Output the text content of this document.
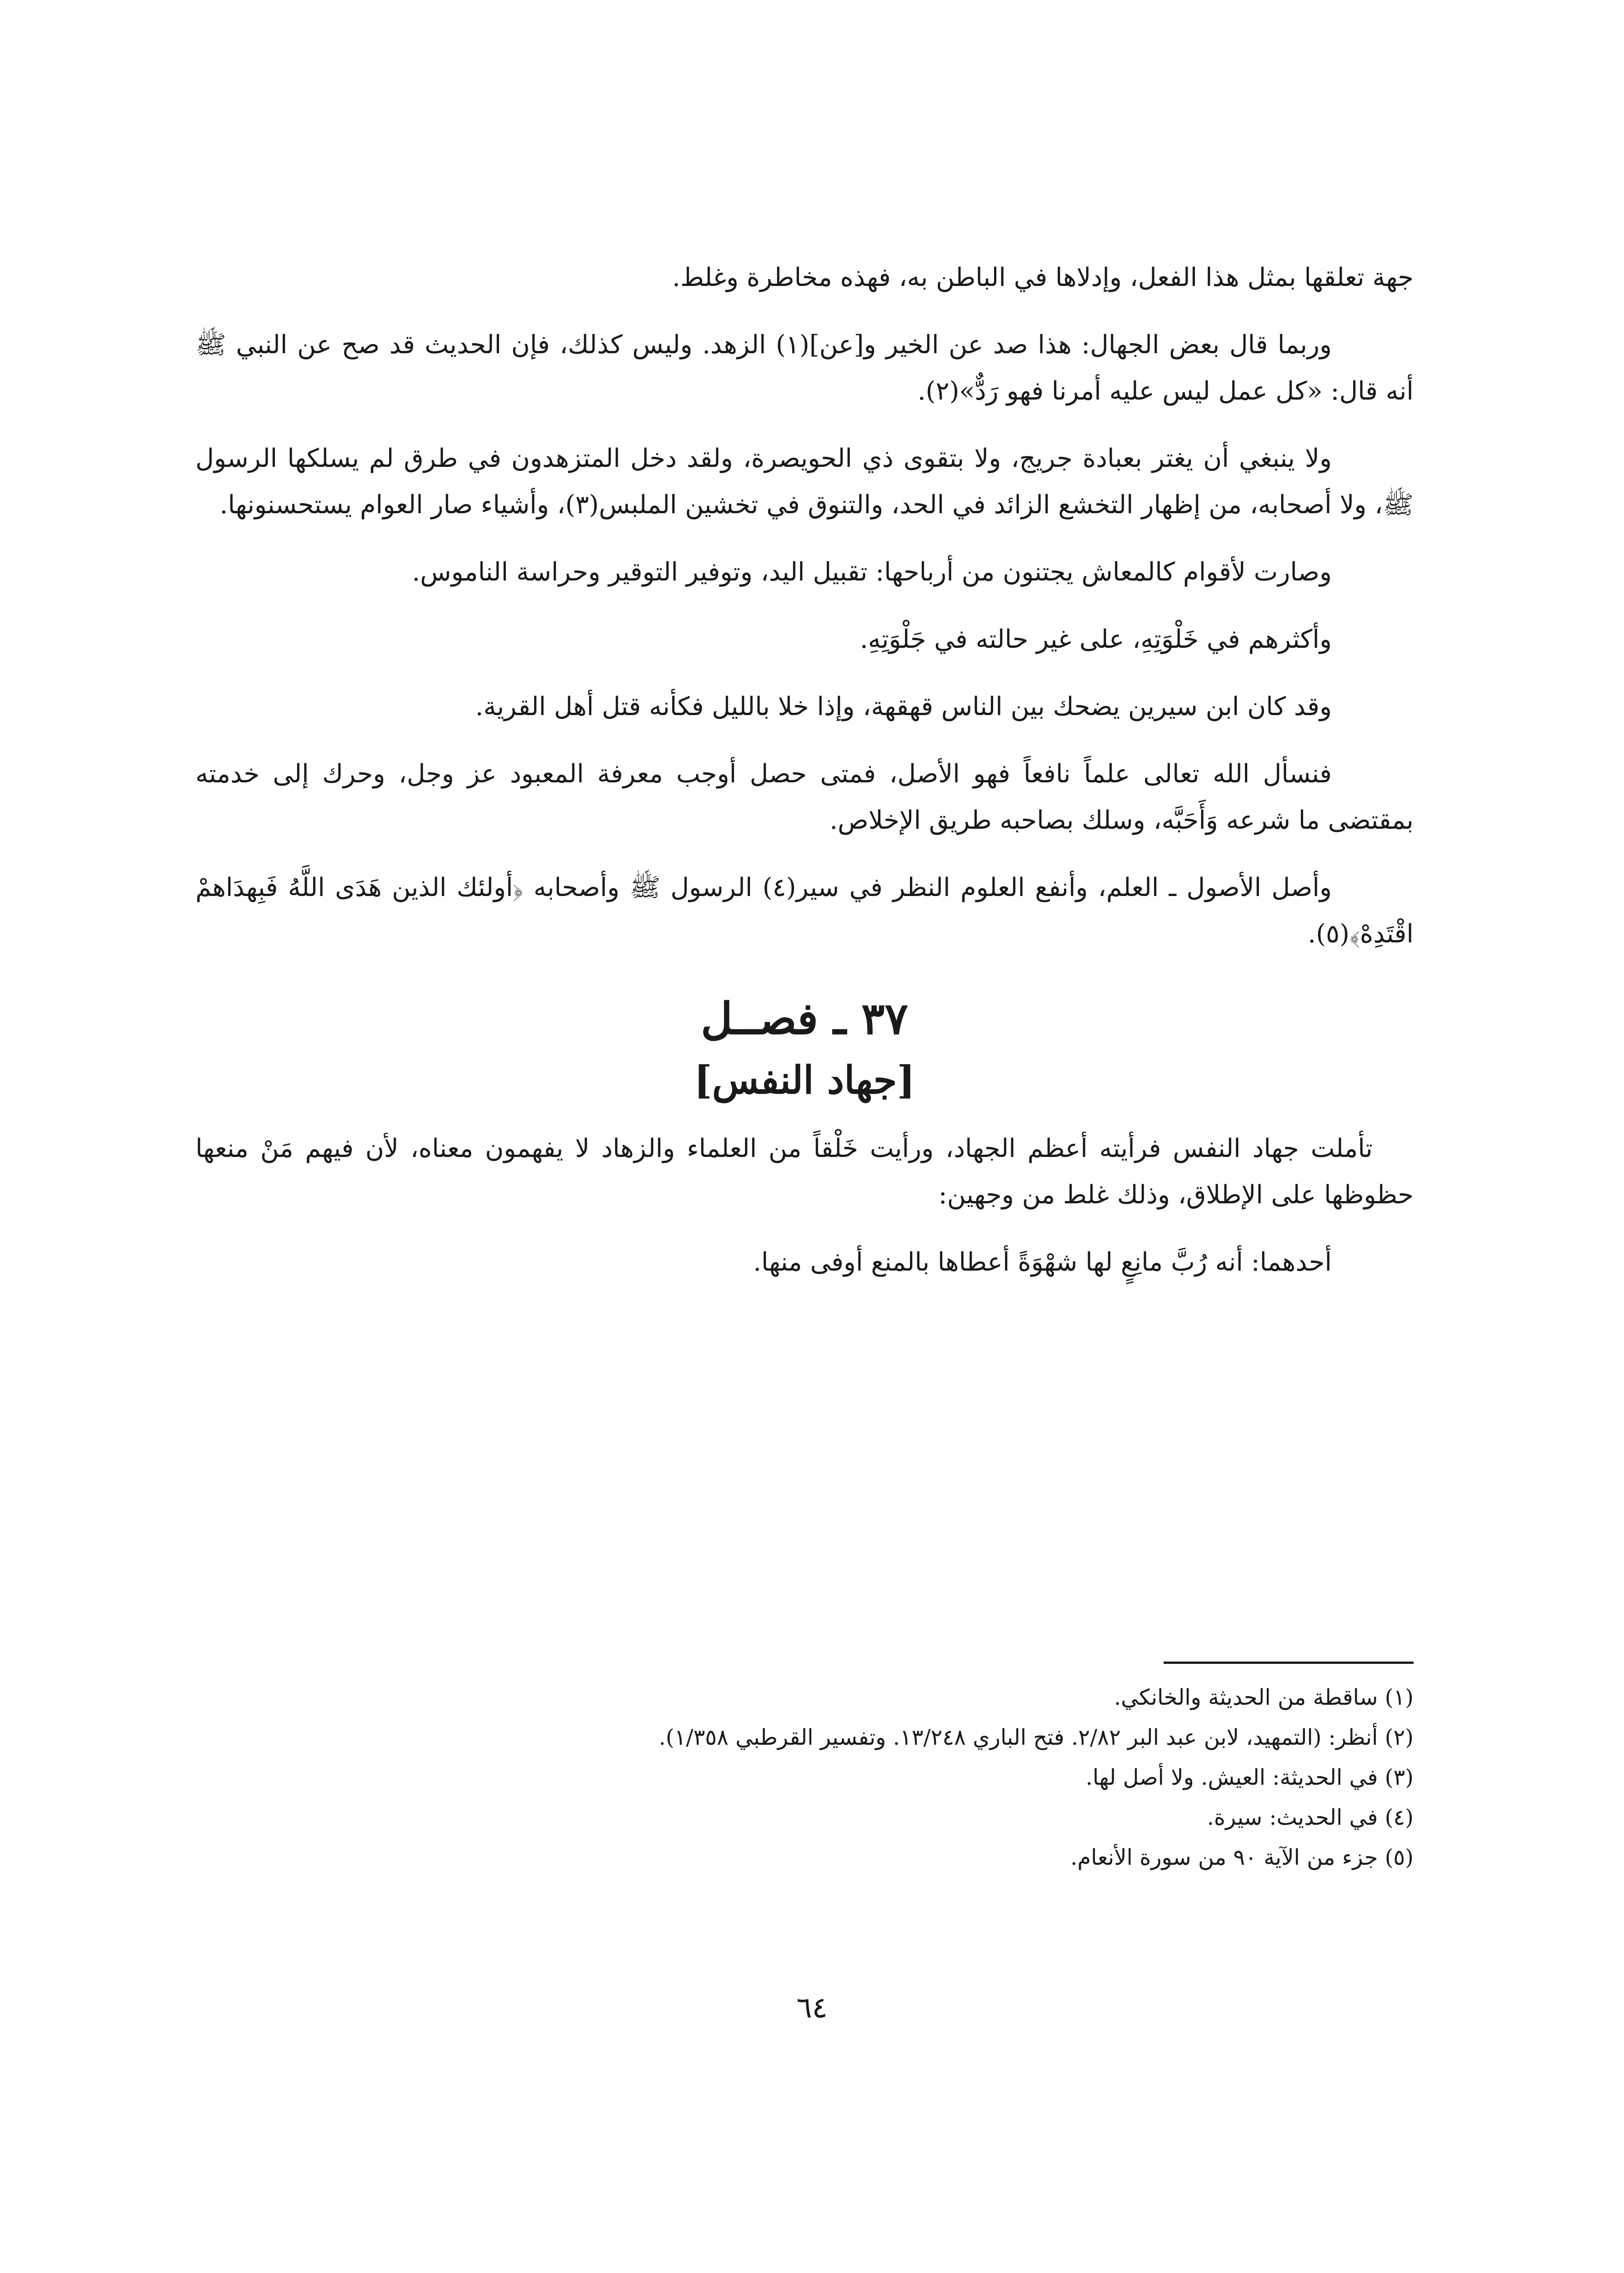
جهة تعلقها بمثل هذا الفعل، وإدلاها في الباطن به، فهذه مخاطرة وغلط.

وربما قال بعض الجهال: هذا صد عن الخير و[عن](١) الزهد. وليس كذلك، فإن الحديث قد صح عن النبي ﷺ أنه قال: «كل عمل ليس عليه أمرنا فهو رَدٌّ»(٢).

ولا ينبغي أن يغتر بعبادة جريج، ولا بتقوى ذي الحويصرة، ولقد دخل المتزهدون في طرق لم يسلكها الرسول ﷺ، ولا أصحابه، من إظهار التخشع الزائد في الحد، والتنوق في تخشين الملبس(٣)، وأشياء صار العوام يستحسنونها.

وصارت لأقوام كالمعاش يجتنون من أرباحها: تقبيل اليد، وتوفير التوقير وحراسة الناموس.

وأكثرهم في خَلْوَتِهِ، على غير حالته في جَلْوَتِهِ.

وقد كان ابن سيرين يضحك بين الناس قهقهة، وإذا خلا بالليل فكأنه قتل أهل القرية.

فنسأل الله تعالى علماً نافعاً فهو الأصل، فمتى حصل أوجب معرفة المعبود عز وجل، وحرك إلى خدمته بمقتضى ما شرعه وَأَحَبَّه، وسلك بصاحبه طريق الإخلاص.

وأصل الأصول ـ العلم، وأنفع العلوم النظر في سير(٤) الرسول ﷺ وأصحابه ﴿أولئك الذين هَدَى اللَّهُ فَبِهدَاهمْ اقْتَدِهْ﴾(٥).

٣٧ ـ فصــل
[جهاد النفس]

تأملت جهاد النفس فرأيته أعظم الجهاد، ورأيت خَلْقاً من العلماء والزهاد لا يفهمون معناه، لأن فيهم مَنْ منعها حظوظها على الإطلاق، وذلك غلط من وجهين:

أحدهما: أنه رُبَّ مانِعٍ لها شهْوَةً أعطاها بالمنع أوفى منها.

(١) ساقطة من الحديثة والخانكي.

(٢) أنظر: (التمهيد، لابن عبد البر ٢/٨٢. فتح الباري ١٣/٢٤٨. وتفسير القرطبي ١/٣٥٨).

(٣) في الحديثة: العيش. ولا أصل لها.

(٤) في الحديث: سيرة.

(٥) جزء من الآية ٩٠ من سورة الأنعام.

٦٤
